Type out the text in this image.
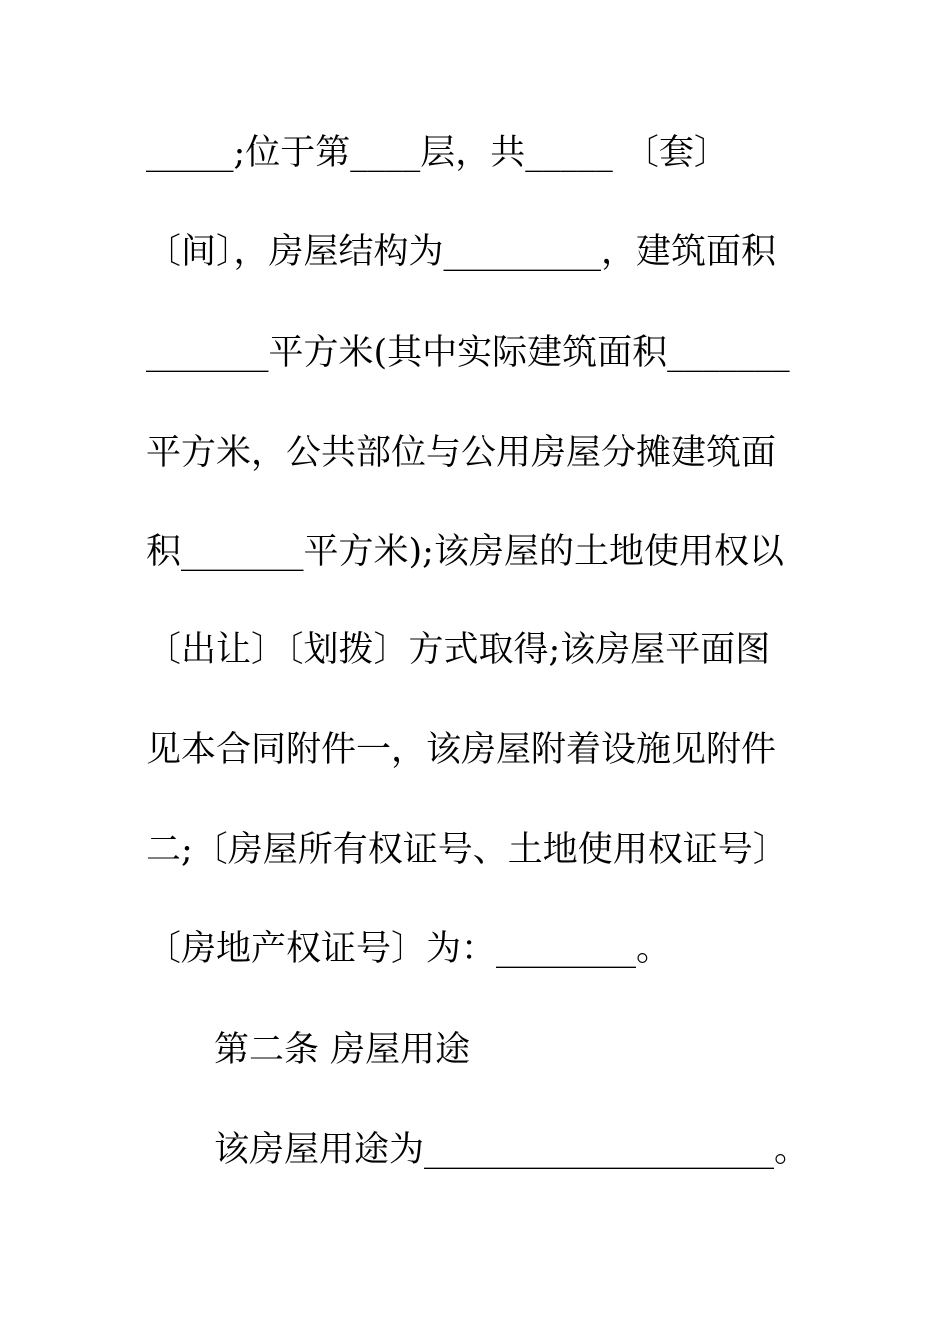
_____;位于第____层，共_____ 〔套〕
〔间〕，房屋结构为_________，建筑面积
_______平方米(其中实际建筑面积_______
平方米，公共部位与公用房屋分摊建筑面
积_______平方米);该房屋的土地使用权以
〔出让〕〔划拨〕方式取得;该房屋平面图
见本合同附件一，该房屋附着设施见附件
二;〔房屋所有权证号、土地使用权证号〕
〔房地产权证号〕为：________。
第二条 房屋用途
该房屋用途为____________________。
